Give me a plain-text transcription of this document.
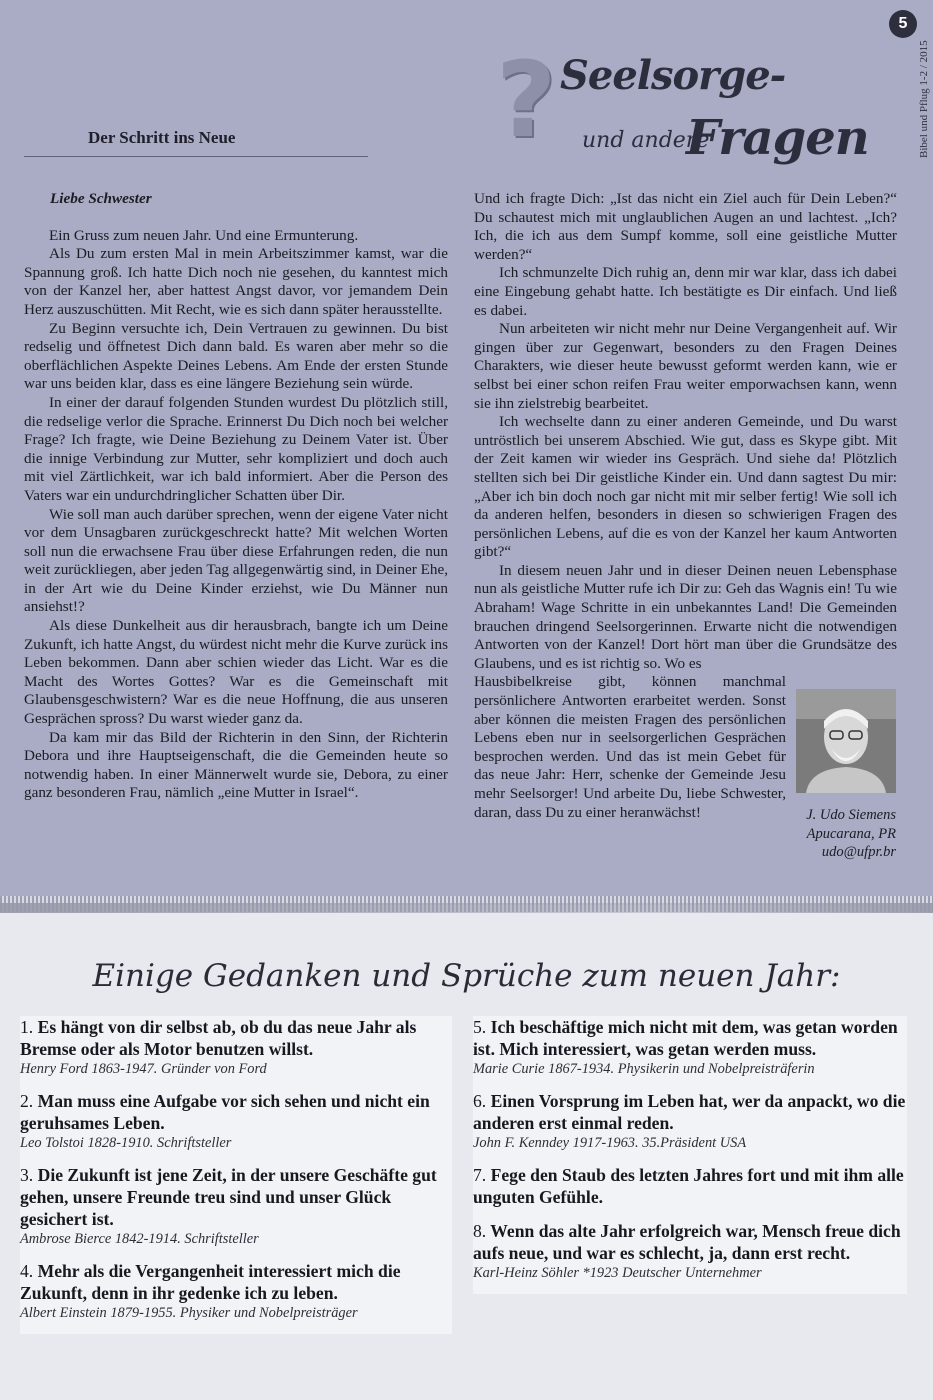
5
Bibel und Pflug 1-2 / 2015
? Seelsorge-
und andere
Fragen
Der Schritt ins Neue

Liebe Schwester

Ein Gruss zum neuen Jahr. Und eine Ermunterung.

Als Du zum ersten Mal in mein Arbeitszimmer kamst, war die Spannung groß. Ich hatte Dich noch nie gesehen, du kanntest mich von der Kanzel her, aber hattest Angst davor, vor jemandem Dein Herz auszuschütten. Mit Recht, wie es sich dann später herausstellte.

Zu Beginn versuchte ich, Dein Vertrauen zu gewinnen. Du bist redselig und öffnetest Dich dann bald. Es waren aber mehr so die oberflächlichen Aspekte Deines Lebens. Am Ende der ersten Stunde war uns beiden klar, dass es eine längere Beziehung sein würde.

In einer der darauf folgenden Stunden wurdest Du plötzlich still, die redselige verlor die Sprache. Erinnerst Du Dich noch bei welcher Frage? Ich fragte, wie Deine Beziehung zu Deinem Vater ist. Über die innige Verbindung zur Mutter, sehr kompliziert und doch auch mit viel Zärtlichkeit, war ich bald informiert. Aber die Person des Vaters war ein undurchdringlicher Schatten über Dir.

Wie soll man auch darüber sprechen, wenn der eigene Vater nicht vor dem Unsagbaren zurückgeschreckt hatte? Mit welchen Worten soll nun die erwachsene Frau über diese Erfahrungen reden, die nun weit zurückliegen, aber jeden Tag allgegenwärtig sind, in Deiner Ehe, in der Art wie du Deine Kinder erziehst, wie Du Männer nun ansiehst!?

Als diese Dunkelheit aus dir herausbrach, bangte ich um Deine Zukunft, ich hatte Angst, du würdest nicht mehr die Kurve zurück ins Leben bekommen. Dann aber schien wieder das Licht. War es die Macht des Wortes Gottes? War es die Gemeinschaft mit Glaubensgeschwistern? War es die neue Hoffnung, die aus unseren Gesprächen spross? Du warst wieder ganz da.

Da kam mir das Bild der Richterin in den Sinn, der Richterin Debora und ihre Hauptseigenschaft, die die Gemeinden heute so notwendig haben. In einer Männerwelt wurde sie, Debora, zu einer ganz besonderen Frau, nämlich „eine Mutter in Israel“.

Und ich fragte Dich: „Ist das nicht ein Ziel auch für Dein Leben?“ Du schautest mich mit unglaublichen Augen an und lachtest. „Ich? Ich, die ich aus dem Sumpf komme, soll eine geistliche Mutter werden?“

Ich schmunzelte Dich ruhig an, denn mir war klar, dass ich dabei eine Eingebung gehabt hatte. Ich bestätigte es Dir einfach. Und ließ es dabei.

Nun arbeiteten wir nicht mehr nur Deine Vergangenheit auf. Wir gingen über zur Gegenwart, besonders zu den Fragen Deines Charakters, wie dieser heute bewusst geformt werden kann, wie er selbst bei einer schon reifen Frau weiter emporwachsen kann, wenn sie ihn zielstrebig bearbeitet.

Ich wechselte dann zu einer anderen Gemeinde, und Du warst untröstlich bei unserem Abschied. Wie gut, dass es Skype gibt. Mit der Zeit kamen wir wieder ins Gespräch. Und siehe da! Plötzlich stellten sich bei Dir geistliche Kinder ein. Und dann sagtest Du mir: „Aber ich bin doch noch gar nicht mit mir selber fertig! Wie soll ich da anderen helfen, besonders in diesen so schwierigen Fragen des persönlichen Lebens, auf die es von der Kanzel her kaum Antworten gibt?“

In diesem neuen Jahr und in dieser Deinen neuen Lebensphase nun als geistliche Mutter rufe ich Dir zu: Geh das Wagnis ein! Tu wie Abraham! Wage Schritte in ein unbekanntes Land! Die Gemeinden brauchen dringend Seelsorgerinnen. Erwarte nicht die notwendigen Antworten von der Kanzel! Dort hört man über die Grundsätze des Glaubens, und es ist richtig so. Wo es

Hausbibelkreise gibt, können manchmal persönlichere Antworten erarbeitet werden. Sonst aber können die meisten Fragen des persönlichen Lebens eben nur in seelsorgerlichen Gesprächen besprochen werden. Und das ist mein Gebet für das neue Jahr: Herr, schenke der Gemeinde Jesu mehr Seelsorger! Und arbeite Du, liebe Schwester, daran, dass Du zu einer heranwächst!	J. Udo Siemens
Apucarana, PR
udo@ufpr.br
Einige Gedanken und Sprüche zum neuen Jahr:
1. Es hängt von dir selbst ab, ob du das neue Jahr als Bremse oder als Motor benutzen willst.
Henry Ford 1863-1947. Gründer von Ford
2. Man muss eine Aufgabe vor sich sehen und nicht ein geruhsames Leben.
Leo Tolstoi 1828-1910. Schriftsteller
3. Die Zukunft ist jene Zeit, in der unsere Geschäfte gut gehen, unsere Freunde treu sind und unser Glück gesichert ist.
Ambrose Bierce 1842-1914. Schriftsteller
4. Mehr als die Vergangenheit interessiert mich die Zukunft, denn in ihr gedenke ich zu leben.
Albert Einstein 1879-1955. Physiker und Nobelpreisträger
5. Ich beschäftige mich nicht mit dem, was getan worden ist. Mich interessiert, was getan werden muss.
Marie Curie 1867-1934. Physikerin und Nobelpreisträferin
6. Einen Vorsprung im Leben hat, wer da anpackt, wo die anderen erst einmal reden.
John F. Kenndey 1917-1963. 35.Präsident USA
7. Fege den Staub des letzten Jahres fort und mit ihm alle unguten Gefühle.
8. Wenn das alte Jahr erfolgreich war, Mensch freue dich aufs neue, und war es schlecht, ja, dann erst recht.
Karl-Heinz Söhler *1923 Deutscher Unternehmer
